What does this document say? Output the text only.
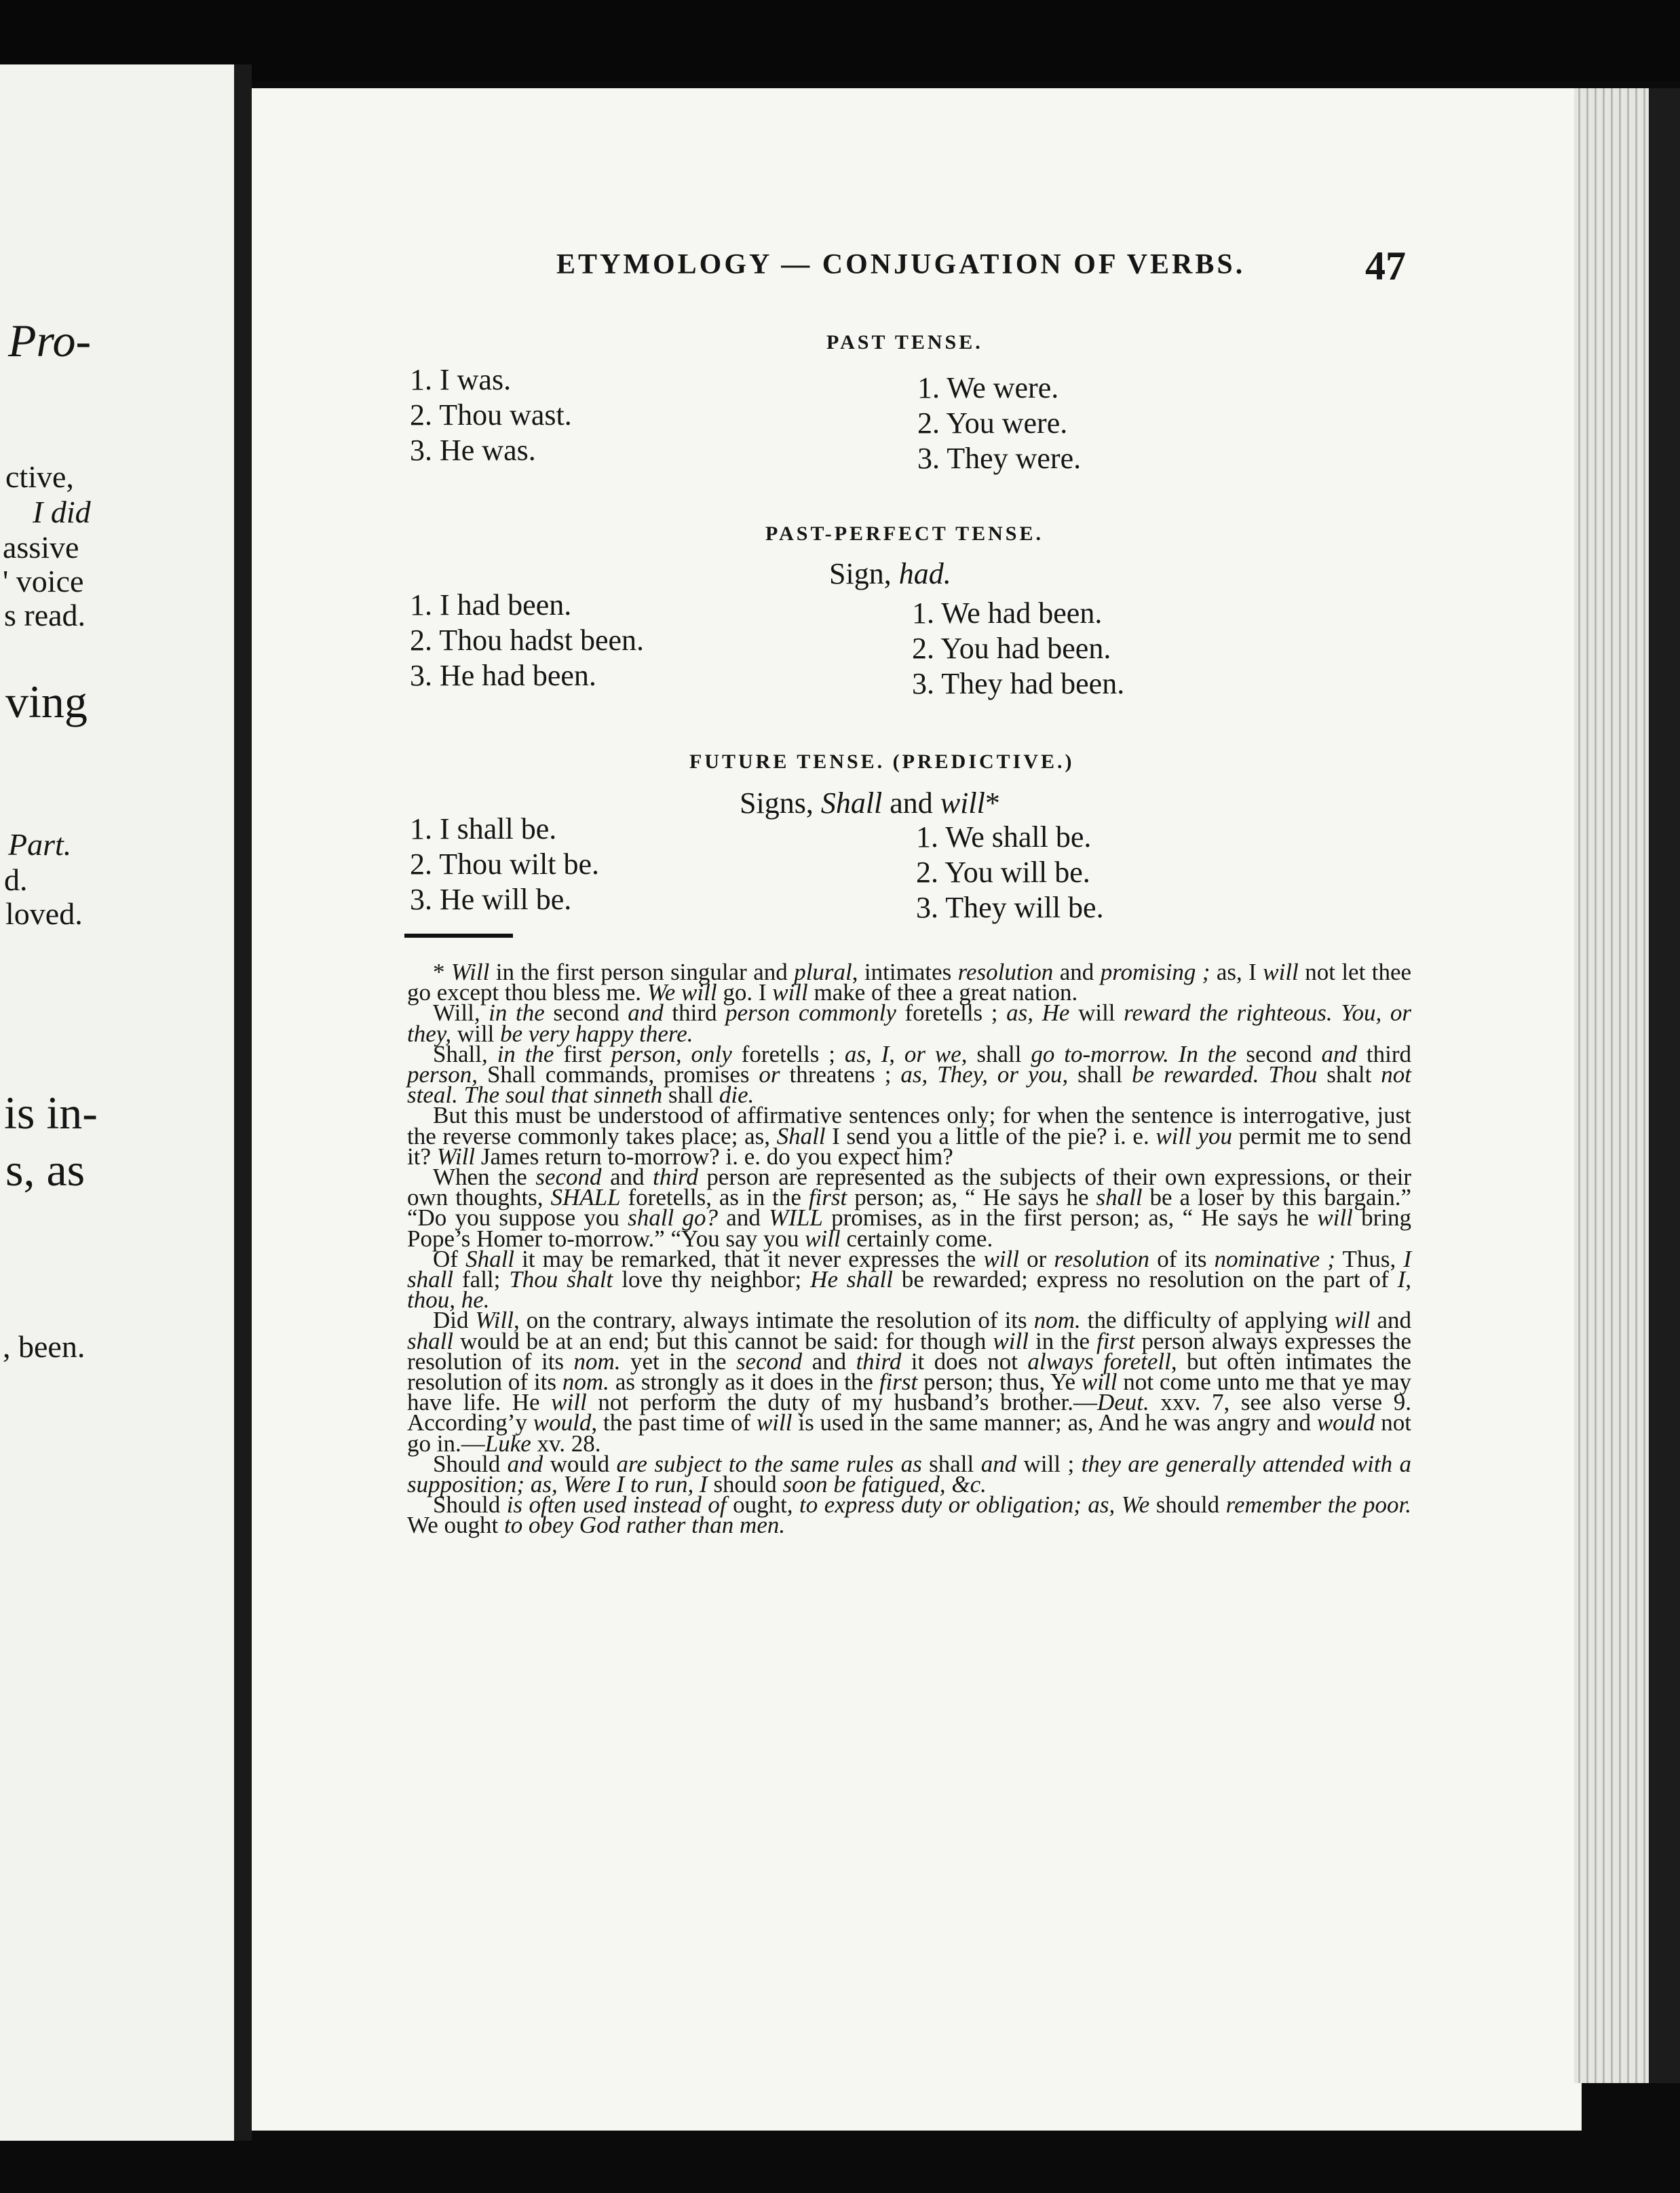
Pro-
ctive,
I did
assive
' voice
s read.
ving
Part.
d.
loved.
is in-
s, as
, been.
ETYMOLOGY — CONJUGATION OF VERBS.	47
PAST TENSE.
1. I was.
2. Thou wast.
3. He was.
1. We were.
2. You were.
3. They were.
PAST-PERFECT TENSE.
Sign, had.
1. I had been.
2. Thou hadst been.
3. He had been.
1. We had been.
2. You had been.
3. They had been.
FUTURE TENSE. (PREDICTIVE.)
Signs, Shall and will*
1. I shall be.
2. Thou wilt be.
3. He will be.
1. We shall be.
2. You will be.
3. They will be.

* Will in the first person singular and plural, intimates resolution and promising ; as, I will not let thee go except thou bless me. We will go. I will make of thee a great nation.

Will, in the second and third person commonly foretells ; as, He will reward the righteous. You, or they, will be very happy there.

Shall, in the first person, only foretells ; as, I, or we, shall go to-morrow. In the second and third person, Shall commands, promises or threatens ; as, They, or you, shall be rewarded. Thou shalt not steal. The soul that sinneth shall die.

But this must be understood of affirmative sentences only; for when the sentence is interrogative, just the reverse commonly takes place; as, Shall I send you a little of the pie? i. e. will you permit me to send it? Will James return to-morrow? i. e. do you expect him?

When the second and third person are represented as the subjects of their own expressions, or their own thoughts, SHALL foretells, as in the first person; as, “ He says he shall be a loser by this bargain.” “Do you suppose you shall go? and WILL promises, as in the first person; as, “ He says he will bring Pope’s Homer to-morrow.” “You say you will certainly come.

Of Shall it may be remarked, that it never expresses the will or resolution of its nominative ; Thus, I shall fall; Thou shalt love thy neighbor; He shall be rewarded; express no resolution on the part of I, thou, he.

Did Will, on the contrary, always intimate the resolution of its nom. the difficulty of applying will and shall would be at an end; but this cannot be said: for though will in the first person always expresses the resolution of its nom. yet in the second and third it does not always foretell, but often intimates the resolution of its nom. as strongly as it does in the first person; thus, Ye will not come unto me that ye may have life. He will not perform the duty of my husband’s brother.—Deut. xxv. 7, see also verse 9. According’y would, the past time of will is used in the same manner; as, And he was angry and would not go in.—Luke xv. 28.

Should and would are subject to the same rules as shall and will ; they are generally attended with a supposition; as, Were I to run, I should soon be fatigued, &c.

Should is often used instead of ought, to express duty or obligation; as, We should remember the poor. We ought to obey God rather than men.
